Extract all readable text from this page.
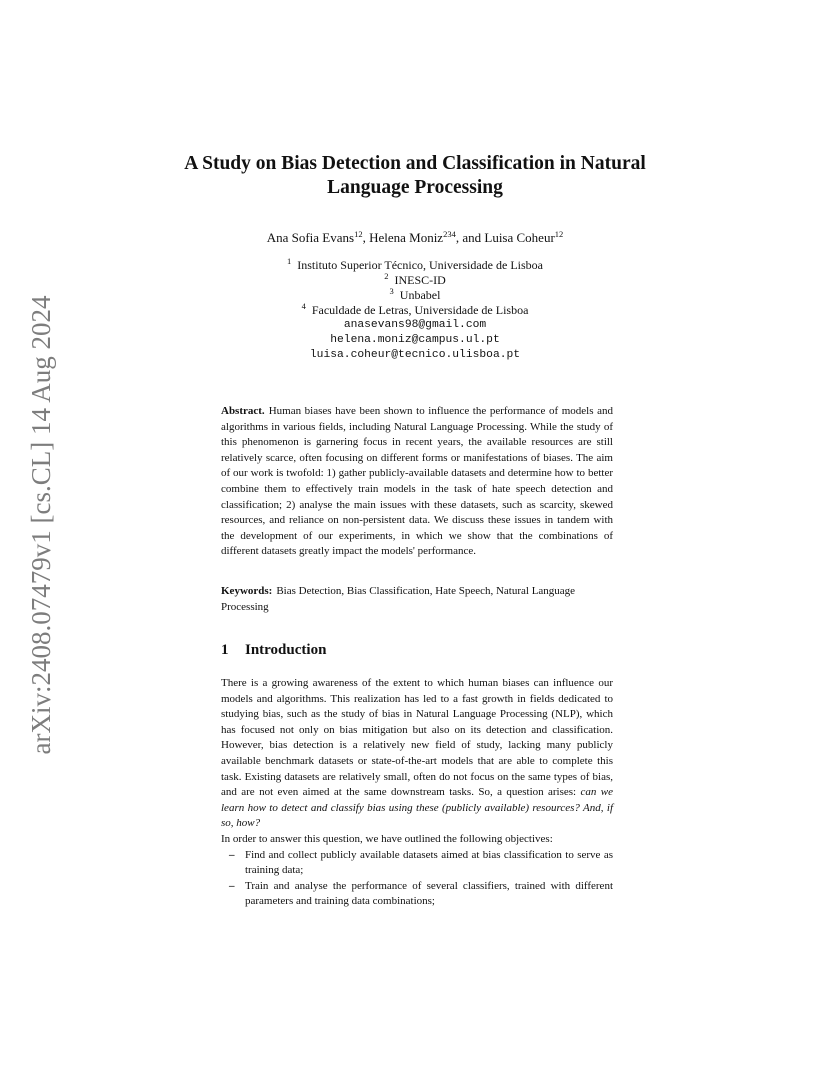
arXiv:2408.07479v1 [cs.CL] 14 Aug 2024
A Study on Bias Detection and Classification in Natural Language Processing
Ana Sofia Evans$^{12}$, Helena Moniz$^{234}$, and Luisa Coheur$^{12}$
$^1$ Instituto Superior Técnico, Universidade de Lisboa
$^2$ INESC-ID
$^3$ Unbabel
$^4$ Faculdade de Letras, Universidade de Lisboa
anasevans98@gmail.com
helena.moniz@campus.ul.pt
luisa.coheur@tecnico.ulisboa.pt
Abstract. Human biases have been shown to influence the performance of models and algorithms in various fields, including Natural Language Processing. While the study of this phenomenon is garnering focus in recent years, the available resources are still relatively scarce, often focusing on different forms or manifestations of biases. The aim of our work is twofold: 1) gather publicly-available datasets and determine how to better combine them to effectively train models in the task of hate speech detection and classification; 2) analyse the main issues with these datasets, such as scarcity, skewed resources, and reliance on non-persistent data. We discuss these issues in tandem with the development of our experiments, in which we show that the combinations of different datasets greatly impact the models' performance.
Keywords: Bias Detection, Bias Classification, Hate Speech, Natural Language Processing
1 Introduction

There is a growing awareness of the extent to which human biases can influence our models and algorithms. This realization has led to a fast growth in fields dedicated to studying bias, such as the study of bias in Natural Language Processing (NLP), which has focused not only on bias mitigation but also on its detection and classification. However, bias detection is a relatively new field of study, lacking many publicly available benchmark datasets or state-of-the-art models that are able to complete this task. Existing datasets are relatively small, often do not focus on the same types of bias, and are not even aimed at the same downstream tasks. So, a question arises: can we learn how to detect and classify bias using these (publicly available) resources? And, if so, how?

In order to answer this question, we have outlined the following objectives:

– Find and collect publicly available datasets aimed at bias classification to serve as training data;
– Train and analyse the performance of several classifiers, trained with different parameters and training data combinations;
